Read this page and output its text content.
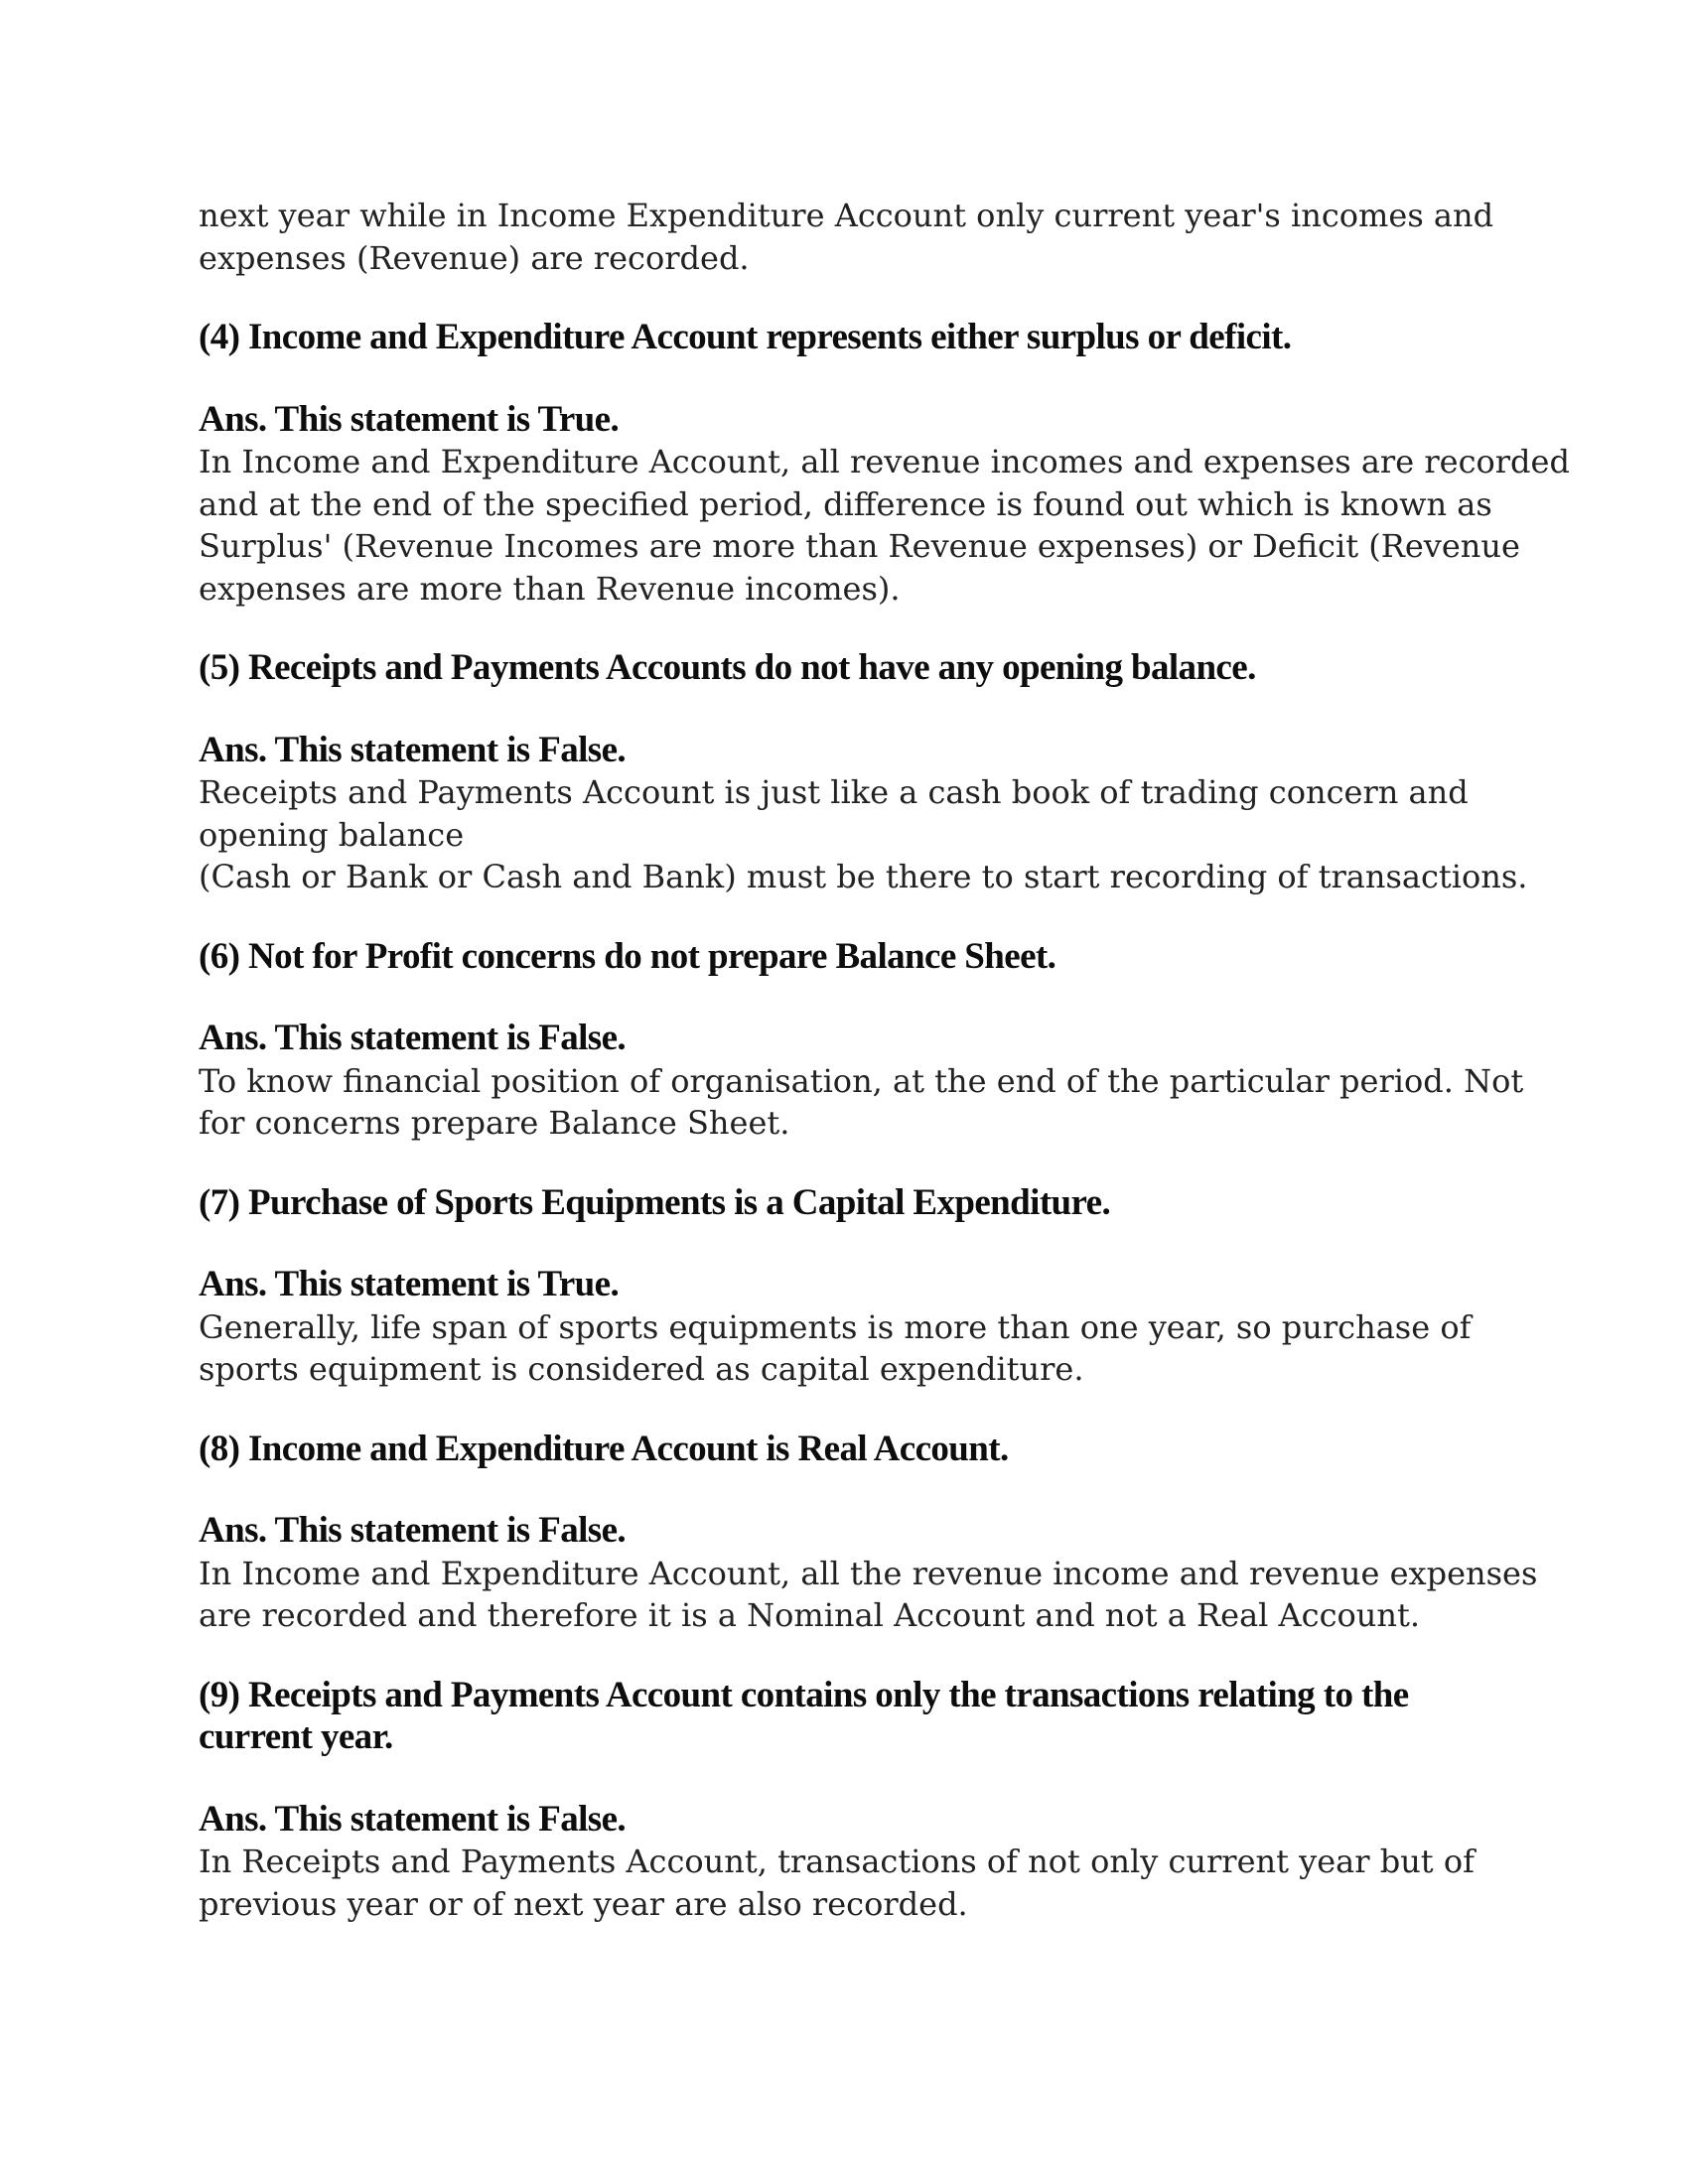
next year while in Income Expenditure Account only current year's incomes and
expenses (Revenue) are recorded.

(4) Income and Expenditure Account represents either surplus or deficit.

Ans. This statement is True.

In Income and Expenditure Account, all revenue incomes and expenses are recorded
and at the end of the specified period, difference is found out which is known as
Surplus' (Revenue Incomes are more than Revenue expenses) or Deficit (Revenue
expenses are more than Revenue incomes).

(5) Receipts and Payments Accounts do not have any opening balance.

Ans. This statement is False.

Receipts and Payments Account is just like a cash book of trading concern and
opening balance
(Cash or Bank or Cash and Bank) must be there to start recording of transactions.

(6) Not for Profit concerns do not prepare Balance Sheet.

Ans. This statement is False.

To know financial position of organisation, at the end of the particular period. Not
for concerns prepare Balance Sheet.

(7) Purchase of Sports Equipments is a Capital Expenditure.

Ans. This statement is True.

Generally, life span of sports equipments is more than one year, so purchase of
sports equipment is considered as capital expenditure.

(8) Income and Expenditure Account is Real Account.

Ans. This statement is False.

In Income and Expenditure Account, all the revenue income and revenue expenses
are recorded and therefore it is a Nominal Account and not a Real Account.

(9) Receipts and Payments Account contains only the transactions relating to the
current year.

Ans. This statement is False.

In Receipts and Payments Account, transactions of not only current year but of
previous year or of next year are also recorded.
